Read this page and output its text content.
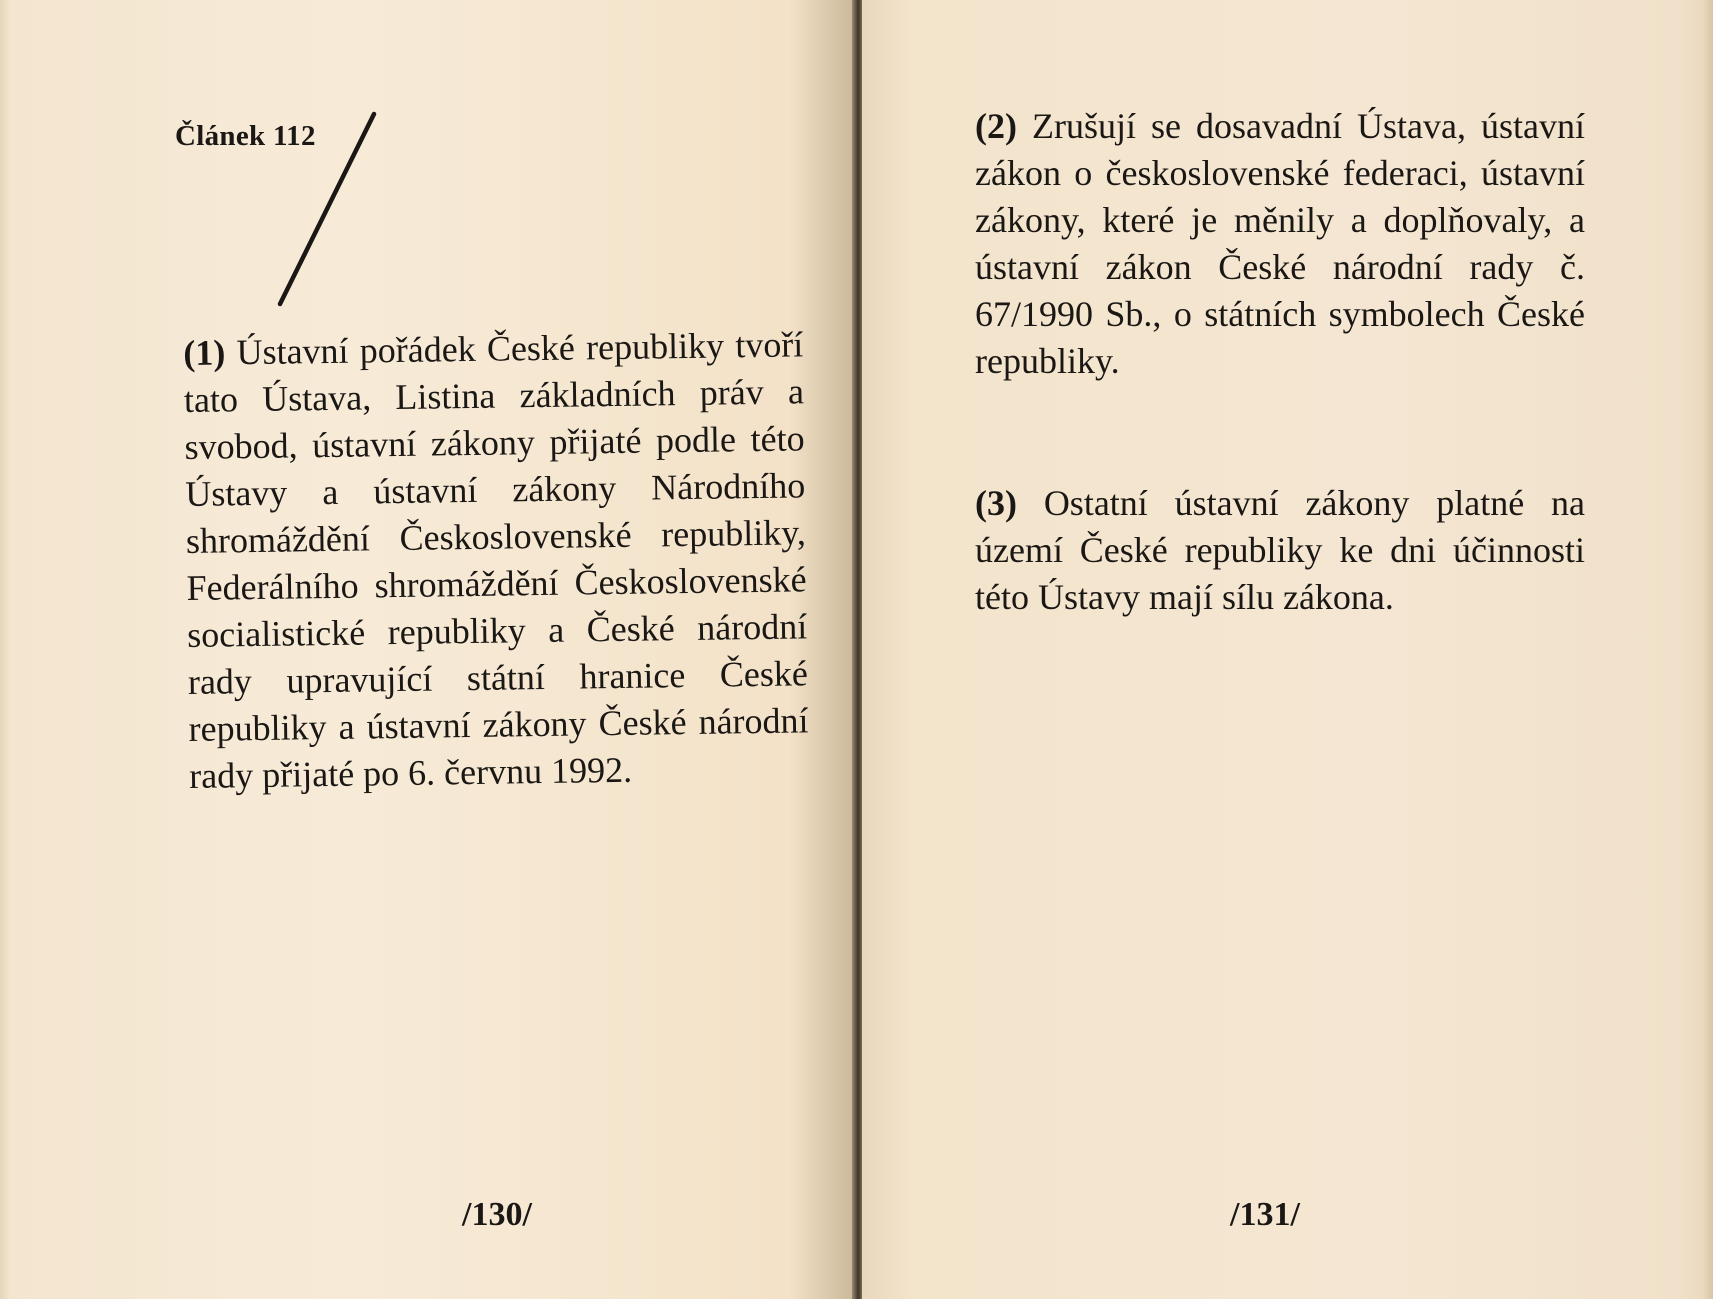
Článek 112

(1) Ústavní pořádek České republiky tvoří tato Ústava, Listina základních práv a svobod, ústavní zákony přijaté podle této Ústavy a ústavní zákony Národního shromáždění Československé republiky, Federálního shromáždění Československé socialistické republiky a České národní rady upravující státní hranice České republiky a ústavní zákony České národní rady přijaté po 6. červnu 1992.

/130/

(2) Zrušují se dosavadní Ústava, ústavní zákon o československé federaci, ústavní zákony, které je měnily a doplňovaly, a ústavní zákon České národní rady č. 67/1990 Sb., o státních symbolech České republiky.

(3) Ostatní ústavní zákony platné na území České republiky ke dni účinnosti této Ústavy mají sílu zákona.

/131/
